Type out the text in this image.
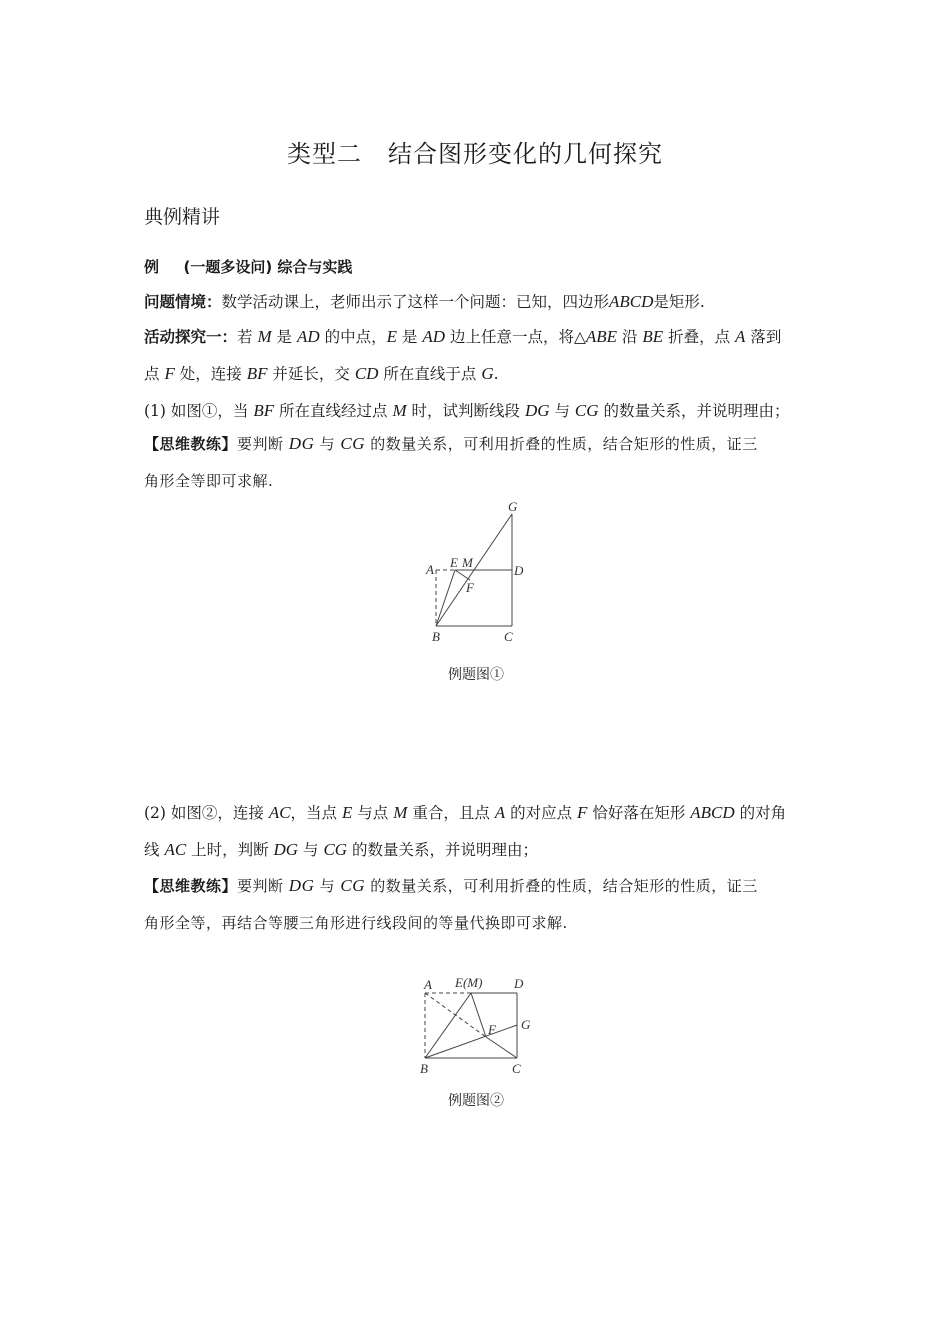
类型二 结合图形变化的几何探究
典例精讲
例 (一题多设问) 综合与实践
问题情境：数学活动课上，老师出示了这样一个问题：已知，四边形ABCD是矩形.
活动探究一：若 M 是 AD 的中点，E 是 AD 边上任意一点，将△ABE 沿 BE 折叠，点 A 落到
点 F 处，连接 BF 并延长，交 CD 所在直线于点 G.
(1) 如图①，当 BF 所在直线经过点 M 时，试判断线段 DG 与 CG 的数量关系，并说明理由；
【思维教练】要判断 DG 与 CG 的数量关系，可利用折叠的性质，结合矩形的性质，证三
角形全等即可求解.
A E M
F
D
G
B	C
A E(M) D
F G
B	C
例题图①
(2) 如图②，连接 AC，当点 E 与点 M 重合，且点 A 的对应点 F 恰好落在矩形 ABCD 的对角
线 AC 上时，判断 DG 与 CG 的数量关系，并说明理由；
【思维教练】要判断 DG 与 CG 的数量关系，可利用折叠的性质，结合矩形的性质，证三
角形全等，再结合等腰三角形进行线段间的等量代换即可求解.
例题图②
